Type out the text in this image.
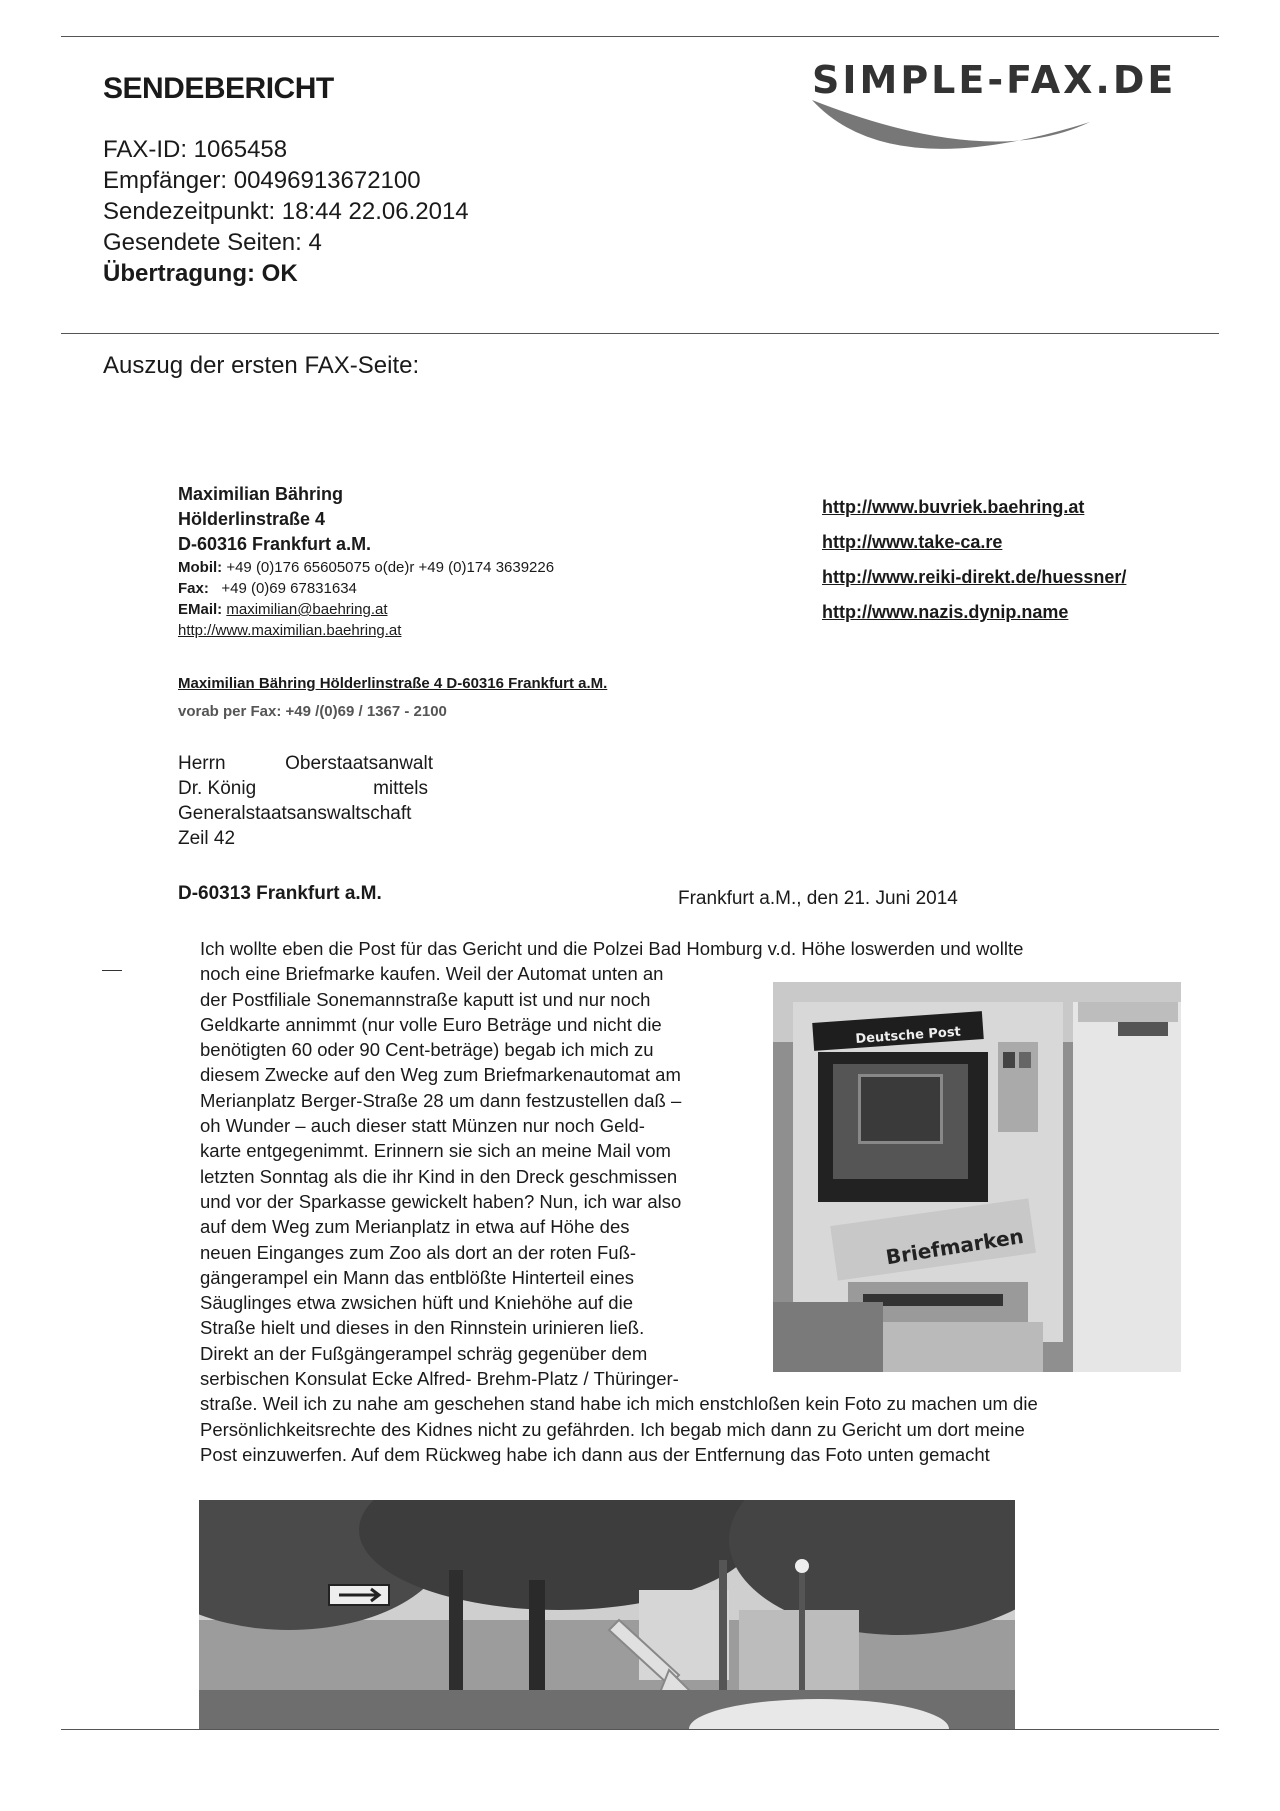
SENDEBERICHT	SIMPLE-FAX.DE
FAX-ID: 1065458
Empfänger: 00496913672100
Sendezeitpunkt: 18:44 22.06.2014
Gesendete Seiten: 4
Übertragung: OK
Auszug der ersten FAX-Seite:
Maximilian Bähring
Hölderlinstraße 4
D-60316 Frankfurt a.M.
Mobil: +49 (0)176 65605075 o(de)r +49 (0)174 3639226
Fax: +49 (0)69 67831634
EMail: maximilian@baehring.at
http://www.maximilian.baehring.at
http://www.buvriek.baehring.at
http://www.take-ca.re
http://www.reiki-direkt.de/huessner/
http://www.nazis.dynip.name
Maximilian Bähring Hölderlinstraße 4 D-60316 Frankfurt a.M.
vorab per Fax: +49 /(0)69 / 1367 - 2100
Herrn	Oberstaatsanwalt
Dr. König	mittels
Generalstaatsanswaltschaft
Zeil 42
D-60313 Frankfurt a.M.	Frankfurt a.M., den 21. Juni 2014
Ich wollte eben die Post für das Gericht und die Polzei Bad Homburg v.d. Höhe loswerden und wollte
noch eine Briefmarke kaufen. Weil der Automat unten an
der Postfiliale Sonemannstraße kaputt ist und nur noch
Geldkarte annimmt (nur volle Euro Beträge und nicht die
benötigten 60 oder 90 Cent-beträge) begab ich mich zu
diesem Zwecke auf den Weg zum Briefmarkenautomat am
Merianplatz Berger-Straße 28 um dann festzustellen daß –
oh Wunder – auch dieser statt Münzen nur noch Geld-
karte entgegenimmt. Erinnern sie sich an meine Mail vom
letzten Sonntag als die ihr Kind in den Dreck geschmissen
und vor der Sparkasse gewickelt haben? Nun, ich war also
auf dem Weg zum Merianplatz in etwa auf Höhe des
neuen Einganges zum Zoo als dort an der roten Fuß-
gängerampel ein Mann das entblößte Hinterteil eines
Säuglinges etwa zwsichen hüft und Kniehöhe auf die
Straße hielt und dieses in den Rinnstein urinieren ließ.
Direkt an der Fußgängerampel schräg gegenüber dem
serbischen Konsulat Ecke Alfred- Brehm-Platz / Thüringer-
straße. Weil ich zu nahe am geschehen stand habe ich mich enstchloßen kein Foto zu machen um die
Persönlichkeitsrechte des Kidnes nicht zu gefährden. Ich begab mich dann zu Gericht um dort meine
Post einzuwerfen. Auf dem Rückweg habe ich dann aus der Entfernung das Foto unten gemacht
Deutsche Post
Briefmarken
